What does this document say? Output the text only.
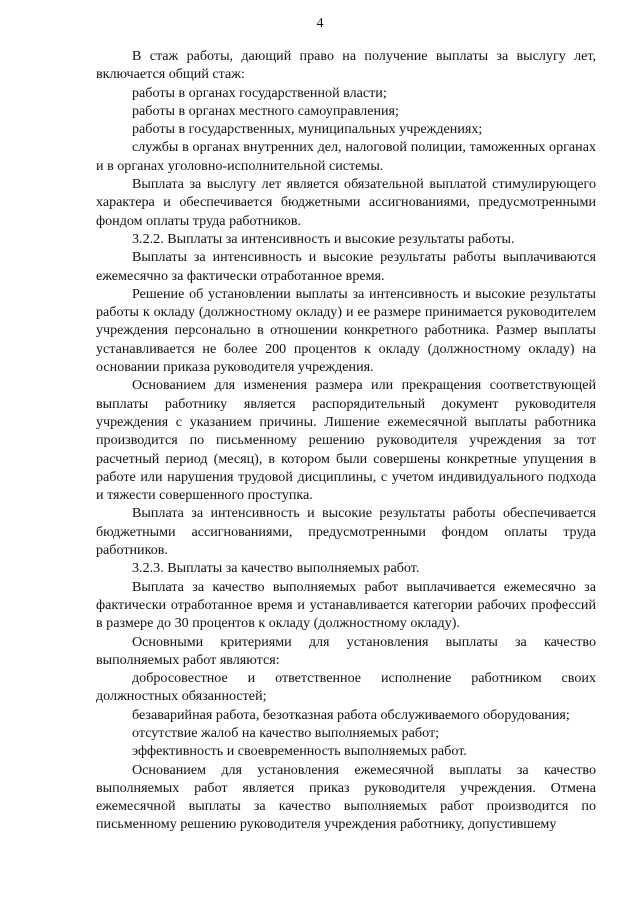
4

В стаж работы, дающий право на получение выплаты за выслугу лет, включается общий стаж:

работы в органах государственной власти;

работы в органах местного самоуправления;

работы в государственных, муниципальных учреждениях;

службы в органах внутренних дел, налоговой полиции, таможенных органах и в органах уголовно-исполнительной системы.

Выплата за выслугу лет является обязательной выплатой стимулирующего характера и обеспечивается бюджетными ассигнованиями, предусмотренными фондом оплаты труда работников.

3.2.2. Выплаты за интенсивность и высокие результаты работы.

Выплаты за интенсивность и высокие результаты работы выплачиваются ежемесячно за фактически отработанное время.

Решение об установлении выплаты за интенсивность и высокие результаты работы к окладу (должностному окладу) и ее размере принимается руководителем учреждения персонально в отношении конкретного работника. Размер выплаты устанавливается не более 200 процентов к окладу (должностному окладу) на основании приказа руководителя учреждения.

Основанием для изменения размера или прекращения соответствующей выплаты работнику является распорядительный документ руководителя учреждения с указанием причины. Лишение ежемесячной выплаты работника производится по письменному решению руководителя учреждения за тот расчетный период (месяц), в котором были совершены конкретные упущения в работе или нарушения трудовой дисциплины, с учетом индивидуального подхода и тяжести совершенного проступка.

Выплата за интенсивность и высокие результаты работы обеспечивается бюджетными ассигнованиями, предусмотренными фондом оплаты труда работников.

3.2.3. Выплаты за качество выполняемых работ.

Выплата за качество выполняемых работ выплачивается ежемесячно за фактически отработанное время и устанавливается категории рабочих профессий в размере до 30 процентов к окладу (должностному окладу).

Основными критериями для установления выплаты за качество выполняемых работ являются:

добросовестное и ответственное исполнение работником своих должностных обязанностей;

безаварийная работа, безотказная работа обслуживаемого оборудования;

отсутствие жалоб на качество выполняемых работ;

эффективность и своевременность выполняемых работ.

Основанием для установления ежемесячной выплаты за качество выполняемых работ является приказ руководителя учреждения. Отмена ежемесячной выплаты за качество выполняемых работ производится по письменному решению руководителя учреждения работнику, допустившему
